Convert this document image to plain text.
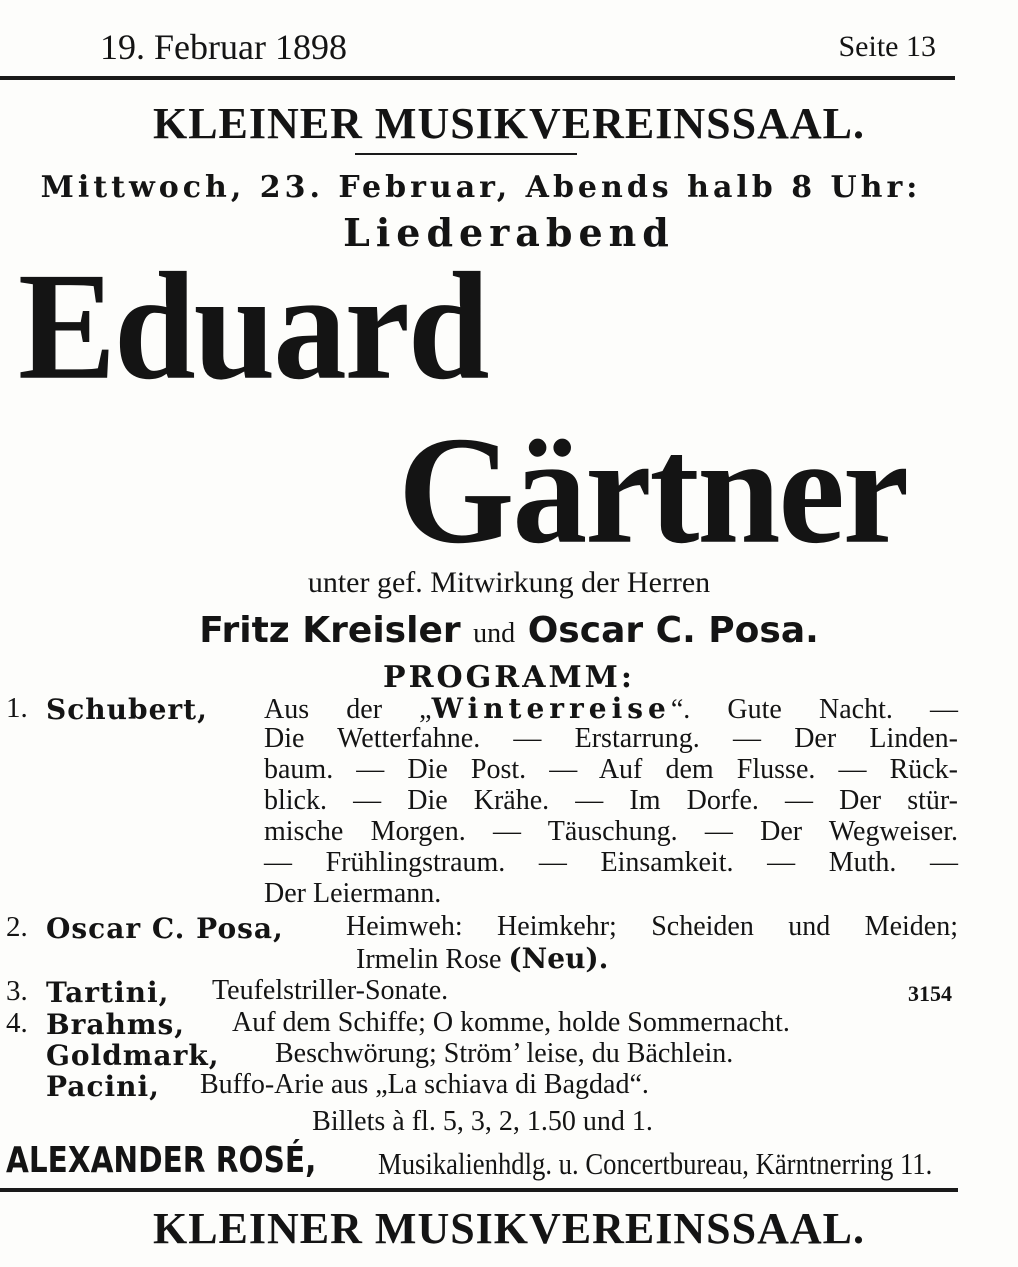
19. Februar 1898	Seite 13
KLEINER MUSIKVEREINSSAAL.
Mittwoch, 23. Februar, Abends halb 8 Uhr:
Liederabend
Eduard
Gärtner
unter gef. Mitwirkung der Herren
Fritz Kreisler und Oscar C. Posa.
PROGRAMM:
1. Schubert, Aus der „Winterreise“. Gute Nacht. —
Die Wetterfahne. — Erstarrung. — Der Linden-
baum. — Die Post. — Auf dem Flusse. — Rück-
blick. — Die Krähe. — Im Dorfe. — Der stür-
mische Morgen. — Täuschung. — Der Wegweiser.
— Frühlingstraum. — Einsamkeit. — Muth. —
Der Leiermann.
2. Oscar C. Posa, Heimweh: Heimkehr; Scheiden und Meiden;
Irmelin Rose (Neu).
3. Tartini, Teufelstriller-Sonate.	3154
4. Brahms, Auf dem Schiffe; O komme, holde Sommernacht.
Goldmark, Beschwörung; Ström’ leise, du Bächlein.
Pacini, Buffo-Arie aus „La schiava di Bagdad“.
Billets à fl. 5, 3, 2, 1.50 und 1.
ALEXANDER ROSÉ,	Musikalienhdlg. u. Concertbureau, Kärntnerring 11.
KLEINER MUSIKVEREINSSAAL.
